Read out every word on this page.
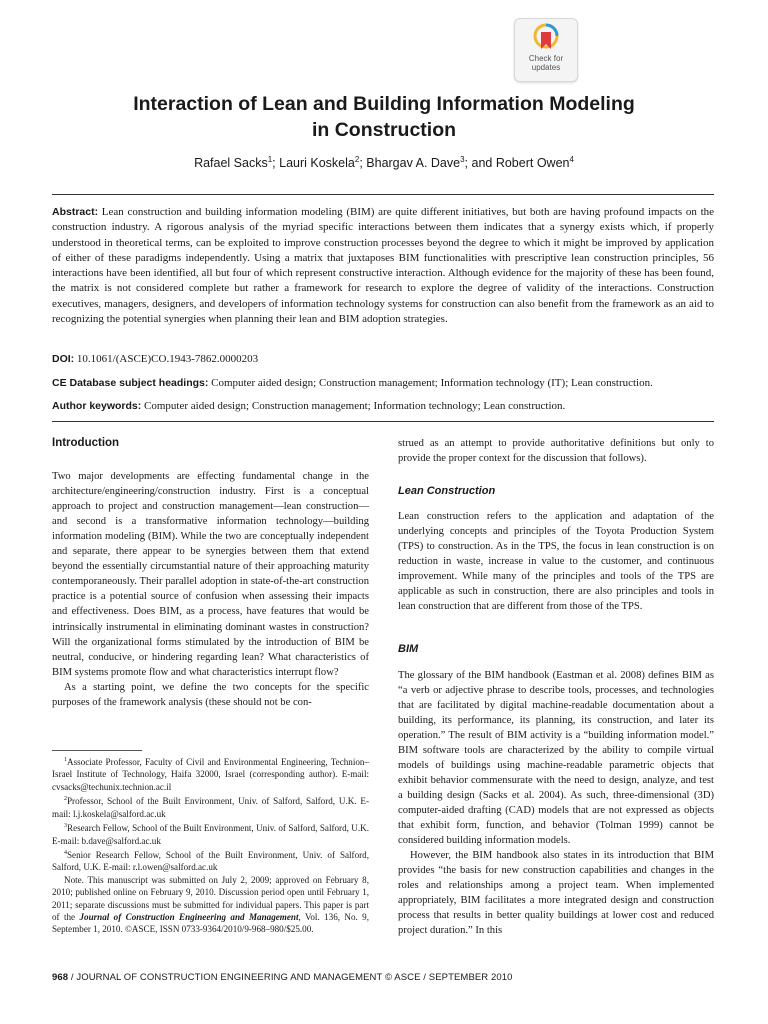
Check for
updates
Interaction of Lean and Building Information Modeling
in Construction
Rafael Sacks$^1$; Lauri Koskela$^2$; Bhargav A. Dave$^3$; and Robert Owen$^4$
Abstract: Lean construction and building information modeling (BIM) are quite different initiatives, but both are having profound impacts on the construction industry. A rigorous analysis of the myriad specific interactions between them indicates that a synergy exists which, if properly understood in theoretical terms, can be exploited to improve construction processes beyond the degree to which it might be improved by application of either of these paradigms independently. Using a matrix that juxtaposes BIM functionalities with prescriptive lean construction principles, 56 interactions have been identified, all but four of which represent constructive interaction. Although evidence for the majority of these has been found, the matrix is not considered complete but rather a framework for research to explore the degree of validity of the interactions. Construction executives, managers, designers, and developers of information technology systems for construction can also benefit from the framework as an aid to recognizing the potential synergies when planning their lean and BIM adoption strategies.
DOI: 10.1061/(ASCE)CO.1943-7862.0000203
CE Database subject headings: Computer aided design; Construction management; Information technology (IT); Lean construction.
Author keywords: Computer aided design; Construction management; Information technology; Lean construction.

Introduction

Two major developments are effecting fundamental change in the architecture/engineering/construction industry. First is a conceptual approach to project and construction management—lean construction—and second is a transformative information technology—building information modeling (BIM). While the two are conceptually independent and separate, there appear to be synergies between them that extend beyond the essentially circumstantial nature of their approaching maturity contemporaneously. Their parallel adoption in state-of-the-art construction practice is a potential source of confusion when assessing their impacts and effectiveness. Does BIM, as a process, have features that would be intrinsically instrumental in eliminating dominant wastes in construction? Will the organizational forms stimulated by the introduction of BIM be neutral, conducive, or hindering regarding lean? What characteristics of BIM systems promote flow and what characteristics interrupt flow?

As a starting point, we define the two concepts for the specific purposes of the framework analysis (these should not be con-

$^1$Associate Professor, Faculty of Civil and Environmental Engineering, Technion–Israel Institute of Technology, Haifa 32000, Israel (corresponding author). E-mail: cvsacks@techunix.technion.ac.il

$^2$Professor, School of the Built Environment, Univ. of Salford, Salford, U.K. E-mail: l.j.koskela@salford.ac.uk

$^3$Research Fellow, School of the Built Environment, Univ. of Salford, Salford, U.K. E-mail: b.dave@salford.ac.uk

$^4$Senior Research Fellow, School of the Built Environment, Univ. of Salford, Salford, U.K. E-mail: r.l.owen@salford.ac.uk

Note. This manuscript was submitted on July 2, 2009; approved on February 8, 2010; published online on February 9, 2010. Discussion period open until February 1, 2011; separate discussions must be submitted for individual papers. This paper is part of the Journal of Construction Engineering and Management, Vol. 136, No. 9, September 1, 2010. ©ASCE, ISSN 0733-9364/2010/9-968–980/$25.00.

strued as an attempt to provide authoritative definitions but only to provide the proper context for the discussion that follows).

Lean Construction

Lean construction refers to the application and adaptation of the underlying concepts and principles of the Toyota Production System (TPS) to construction. As in the TPS, the focus in lean construction is on reduction in waste, increase in value to the customer, and continuous improvement. While many of the principles and tools of the TPS are applicable as such in construction, there are also principles and tools in lean construction that are different from those of the TPS.

BIM

The glossary of the BIM handbook (Eastman et al. 2008) defines BIM as “a verb or adjective phrase to describe tools, processes, and technologies that are facilitated by digital machine-readable documentation about a building, its performance, its planning, its construction, and later its operation.” The result of BIM activity is a “building information model.” BIM software tools are characterized by the ability to compile virtual models of buildings using machine-readable parametric objects that exhibit behavior commensurate with the need to design, analyze, and test a building design (Sacks et al. 2004). As such, three-dimensional (3D) computer-aided drafting (CAD) models that are not expressed as objects that exhibit form, function, and behavior (Tolman 1999) cannot be considered building information models.

However, the BIM handbook also states in its introduction that BIM provides “the basis for new construction capabilities and changes in the roles and relationships among a project team. When implemented appropriately, BIM facilitates a more integrated design and construction process that results in better quality buildings at lower cost and reduced project duration.” In this

968 / JOURNAL OF CONSTRUCTION ENGINEERING AND MANAGEMENT © ASCE / SEPTEMBER 2010
